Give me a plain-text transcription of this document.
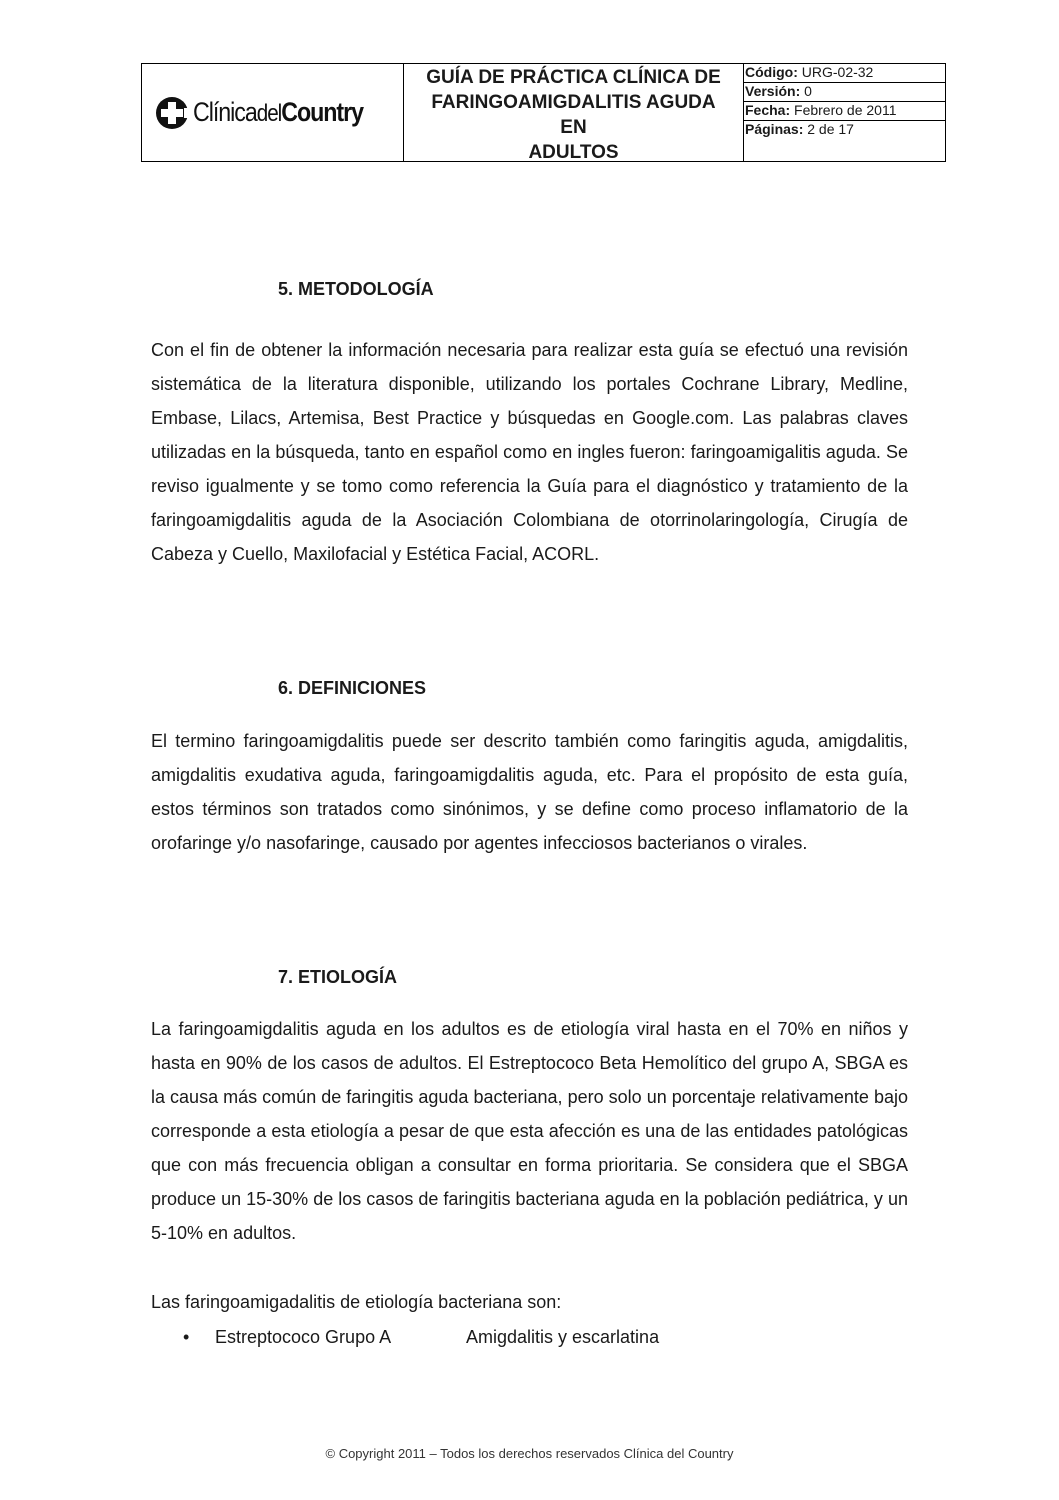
ClínicadelCountry
GUÍA DE PRÁCTICA CLÍNICA DE
FARINGOAMIGDALITIS AGUDA
EN
ADULTOS
Código: URG-02-32
Versión: 0
Fecha: Febrero de 2011
Páginas: 2 de 17
5. METODOLOGÍA

Con el fin de obtener la información necesaria para realizar esta guía se efectuó una revisión sistemática de la literatura disponible, utilizando los portales Cochrane Library, Medline, Embase, Lilacs, Artemisa, Best Practice y búsquedas en Google.com. Las palabras claves utilizadas en la búsqueda, tanto en español como en ingles fueron: faringoamigalitis aguda. Se reviso igualmente y se tomo como referencia la Guía para el diagnóstico y tratamiento de la faringoamigdalitis aguda de la Asociación Colombiana de otorrinolaringología, Cirugía de Cabeza y Cuello, Maxilofacial y Estética Facial, ACORL.

6. DEFINICIONES

El termino faringoamigdalitis puede ser descrito también como faringitis aguda, amigdalitis, amigdalitis exudativa aguda, faringoamigdalitis aguda, etc. Para el propósito de esta guía, estos términos son tratados como sinónimos, y se define como proceso inflamatorio de la orofaringe y/o nasofaringe, causado por agentes infecciosos bacterianos o virales.

7. ETIOLOGÍA

La faringoamigdalitis aguda en los adultos es de etiología viral hasta en el 70% en niños y hasta en 90% de los casos de adultos. El Estreptococo Beta Hemolítico del grupo A, SBGA es la causa más común de faringitis aguda bacteriana, pero solo un porcentaje relativamente bajo corresponde a esta etiología a pesar de que esta afección es una de las entidades patológicas que con más frecuencia obligan a consultar en forma prioritaria. Se considera que el SBGA produce un 15-30% de los casos de faringitis bacteriana aguda en la población pediátrica, y un 5-10% en adultos.

Las faringoamigadalitis de etiología bacteriana son:

•	Estreptococo Grupo A	Amigdalitis y escarlatina
© Copyright 2011 – Todos los derechos reservados Clínica del Country
